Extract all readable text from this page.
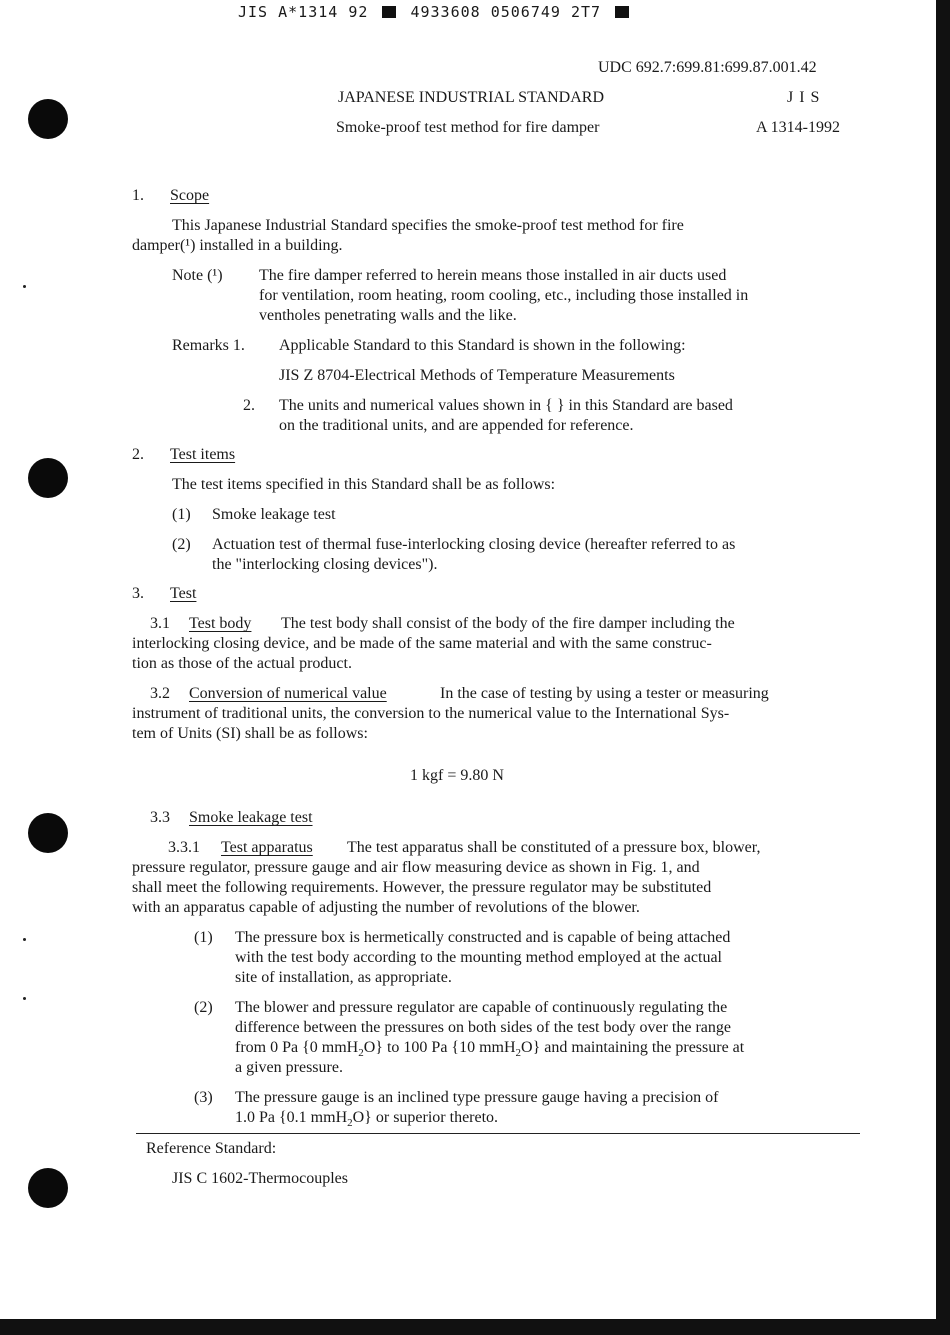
JIS A*1314 92	4933608 0506749 2T7
UDC 692.7:699.81:699.87.001.42
JAPANESE INDUSTRIAL STANDARD	J I S
Smoke-proof test method for fire damper	A 1314-1992
1. Scope
This Japanese Industrial Standard specifies the smoke-proof test method for fire
damper(¹) installed in a building.
Note (¹) The fire damper referred to herein means those installed in air ducts used
for ventilation, room heating, room cooling, etc., including those installed in
ventholes penetrating walls and the like.
Remarks 1. Applicable Standard to this Standard is shown in the following:
JIS Z 8704-Electrical Methods of Temperature Measurements
2. The units and numerical values shown in { } in this Standard are based
on the traditional units, and are appended for reference.
2. Test items
The test items specified in this Standard shall be as follows:
(1) Smoke leakage test
(2) Actuation test of thermal fuse-interlocking closing device (hereafter referred to as
the "interlocking closing devices").
3. Test
3.1 Test body The test body shall consist of the body of the fire damper including the
interlocking closing device, and be made of the same material and with the same construc-
tion as those of the actual product.
3.2 Conversion of numerical value	In the case of testing by using a tester or measuring
instrument of traditional units, the conversion to the numerical value to the International Sys-
tem of Units (SI) shall be as follows:
1 kgf = 9.80 N
3.3 Smoke leakage test
3.3.1 Test apparatus The test apparatus shall be constituted of a pressure box, blower,
pressure regulator, pressure gauge and air flow measuring device as shown in Fig. 1, and
shall meet the following requirements. However, the pressure regulator may be substituted
with an apparatus capable of adjusting the number of revolutions of the blower.
(1) The pressure box is hermetically constructed and is capable of being attached
with the test body according to the mounting method employed at the actual
site of installation, as appropriate.
(2) The blower and pressure regulator are capable of continuously regulating the
difference between the pressures on both sides of the test body over the range
from 0 Pa {0 mmH$_2$O} to 100 Pa {10 mmH$_2$O} and maintaining the pressure at
a given pressure.
(3) The pressure gauge is an inclined type pressure gauge having a precision of
1.0 Pa {0.1 mmH$_2$O} or superior thereto.
Reference Standard:
JIS C 1602-Thermocouples
